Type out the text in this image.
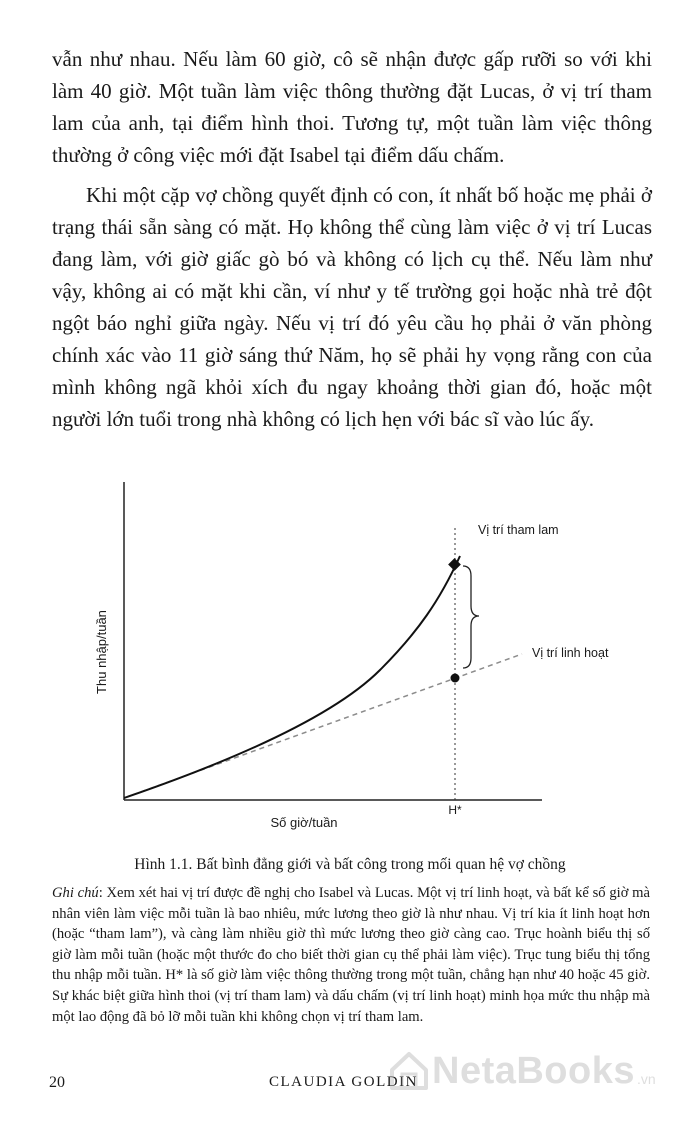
vẫn như nhau. Nếu làm 60 giờ, cô sẽ nhận được gấp rưỡi so với khi làm 40 giờ. Một tuần làm việc thông thường đặt Lucas, ở vị trí tham lam của anh, tại điểm hình thoi. Tương tự, một tuần làm việc thông thường ở công việc mới đặt Isabel tại điểm dấu chấm.

Khi một cặp vợ chồng quyết định có con, ít nhất bố hoặc mẹ phải ở trạng thái sẵn sàng có mặt. Họ không thể cùng làm việc ở vị trí Lucas đang làm, với giờ giấc gò bó và không có lịch cụ thể. Nếu làm như vậy, không ai có mặt khi cần, ví như y tế trường gọi hoặc nhà trẻ đột ngột báo nghỉ giữa ngày. Nếu vị trí đó yêu cầu họ phải ở văn phòng chính xác vào 11 giờ sáng thứ Năm, họ sẽ phải hy vọng rằng con của mình không ngã khỏi xích đu ngay khoảng thời gian đó, hoặc một người lớn tuổi trong nhà không có lịch hẹn với bác sĩ vào lúc ấy.

Vị trí tham lam
Vị trí linh hoạt
H*
Số giờ/tuần
Thu nhập/tuần
Hình 1.1. Bất bình đẳng giới và bất công trong mối quan hệ vợ chồng

Ghi chú: Xem xét hai vị trí được đề nghị cho Isabel và Lucas. Một vị trí linh hoạt, và bất kể số giờ mà nhân viên làm việc mỗi tuần là bao nhiêu, mức lương theo giờ là như nhau. Vị trí kia ít linh hoạt hơn (hoặc “tham lam”), và càng làm nhiều giờ thì mức lương theo giờ càng cao. Trục hoành biểu thị số giờ làm mỗi tuần (hoặc một thước đo cho biết thời gian cụ thể phải làm việc). Trục tung biểu thị tổng thu nhập mỗi tuần. H* là số giờ làm việc thông thường trong một tuần, chẳng hạn như 40 hoặc 45 giờ. Sự khác biệt giữa hình thoi (vị trí tham lam) và dấu chấm (vị trí linh hoạt) minh họa mức thu nhập mà một lao động đã bỏ lỡ mỗi tuần khi không chọn vị trí tham lam.

20	CLAUDIA GOLDIN NetaBooks .vn
